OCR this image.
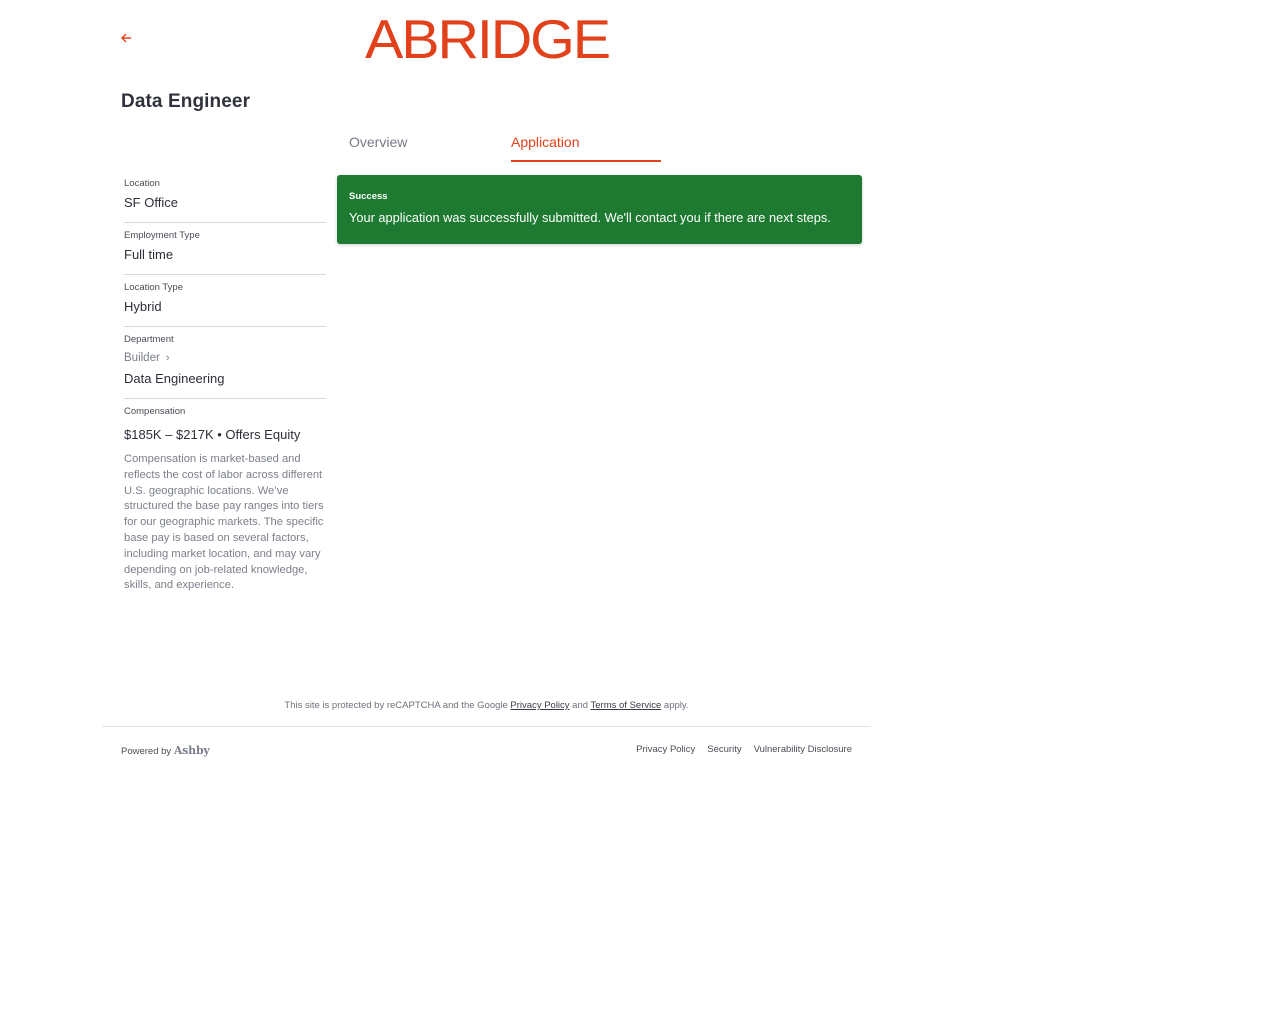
ABRIDGE
Data Engineer
Overview	Application
Location
SF Office
Employment Type
Full time
Location Type
Hybrid
Department
Builder ›
Data Engineering
Compensation
$185K – $217K • Offers Equity
Compensation is market-based and reflects the cost of labor across different U.S. geographic locations. We’ve structured the base pay ranges into tiers for our geographic markets. The specific base pay is based on several factors, including market location, and may vary depending on job-related knowledge, skills, and experience.
Success
Your application was successfully submitted. We'll contact you if there are next steps.
This site is protected by reCAPTCHA and the Google Privacy Policy and Terms of Service apply.
Powered by Ashby	Privacy Policy Security Vulnerability Disclosure
